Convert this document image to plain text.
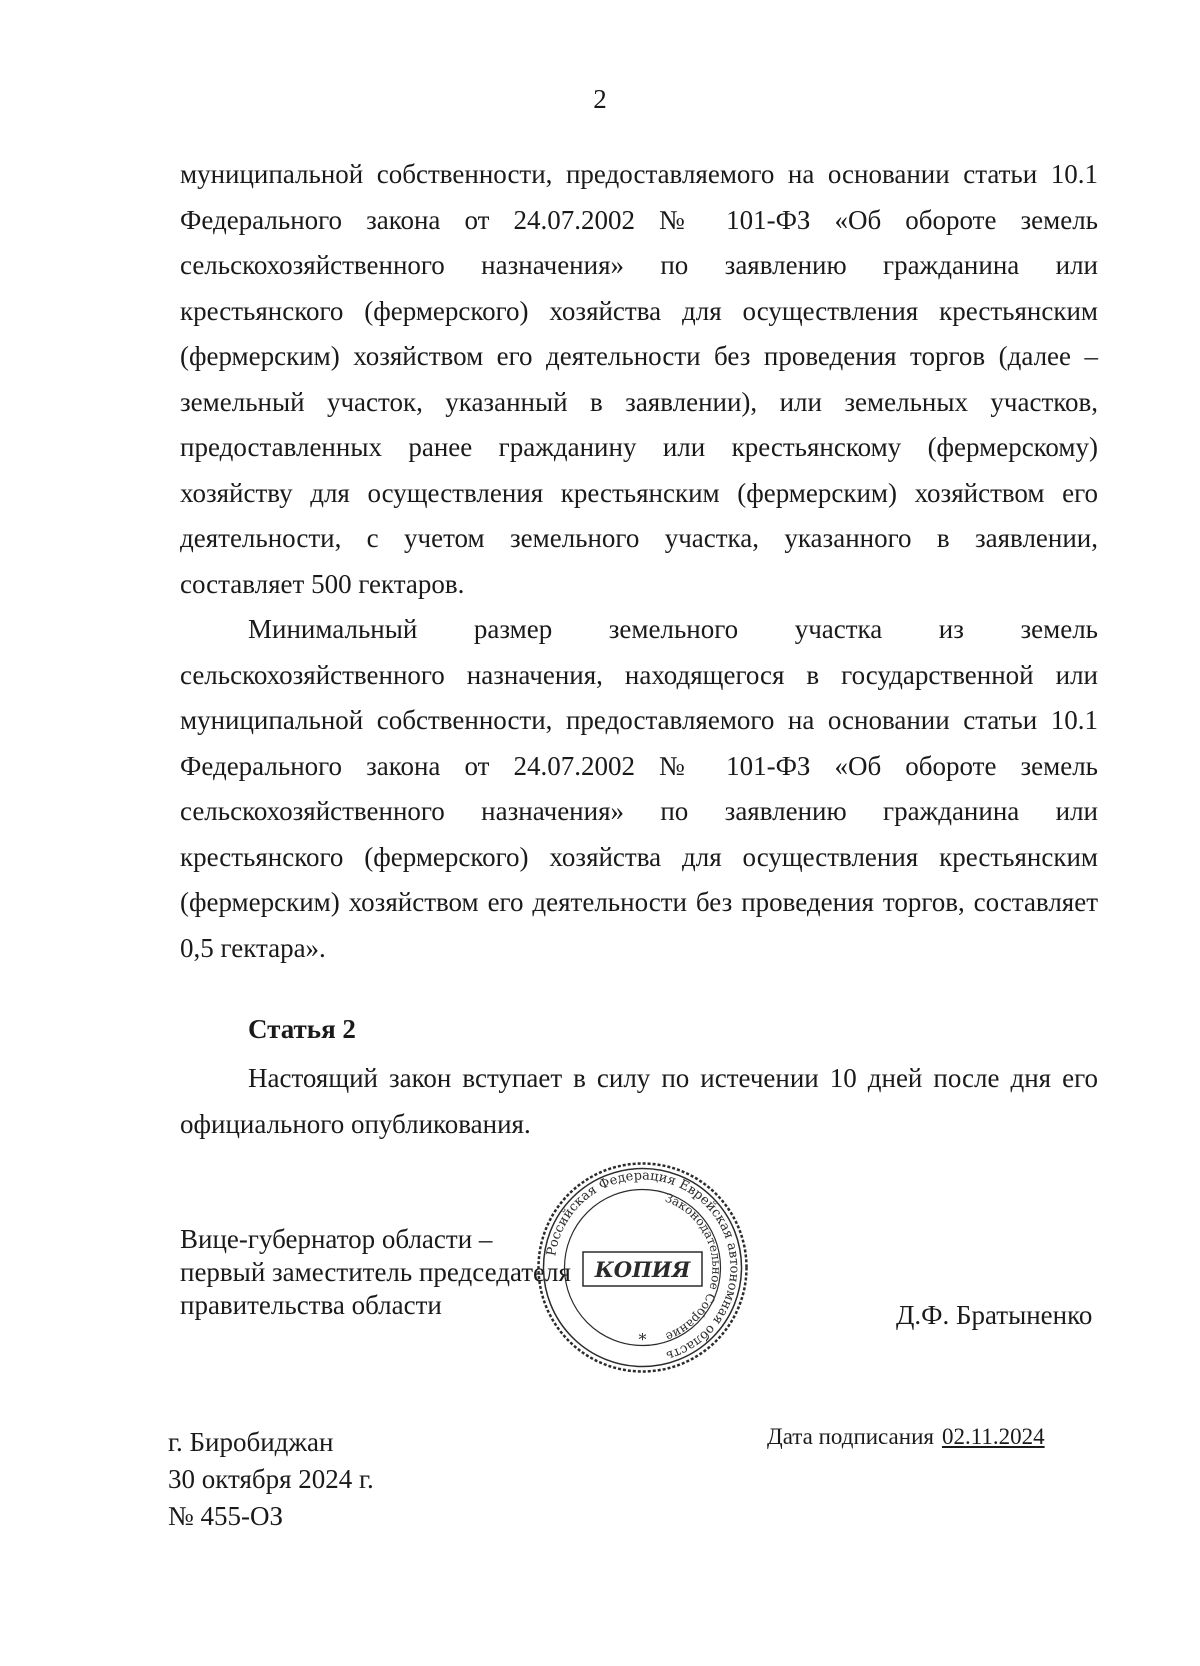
2

муниципальной собственности, предоставляемого на основании статьи 10.1 Федерального закона от 24.07.2002 № 101-ФЗ «Об обороте земель сельскохозяйственного назначения» по заявлению гражданина или крестьянского (фермерского) хозяйства для осуществления крестьянским (фермерским) хозяйством его деятельности без проведения торгов (далее – земельный участок, указанный в заявлении), или земельных участков, предоставленных ранее гражданину или крестьянскому (фермерскому) хозяйству для осуществления крестьянским (фермерским) хозяйством его деятельности, с учетом земельного участка, указанного в заявлении, составляет 500 гектаров.

Минимальный размер земельного участка из земель сельскохозяйственного назначения, находящегося в государственной или муниципальной собственности, предоставляемого на основании статьи 10.1 Федерального закона от 24.07.2002 № 101-ФЗ «Об обороте земель сельскохозяйственного назначения» по заявлению гражданина или крестьянского (фермерского) хозяйства для осуществления крестьянским (фермерским) хозяйством его деятельности без проведения торгов, составляет 0,5 гектара».

Статья 2

Настоящий закон вступает в силу по истечении 10 дней после дня его официального опубликования.

Вице-губернатор области –
первый заместитель председателя
правительства области
Российская Федерация Еврейская автономная область
Законодательное Собрание
КОПИЯ
*
Д.Ф. Братыненко
г. Биробиджан
30 октября 2024 г.
№ 455-ОЗ
Дата подписания 02.11.2024
